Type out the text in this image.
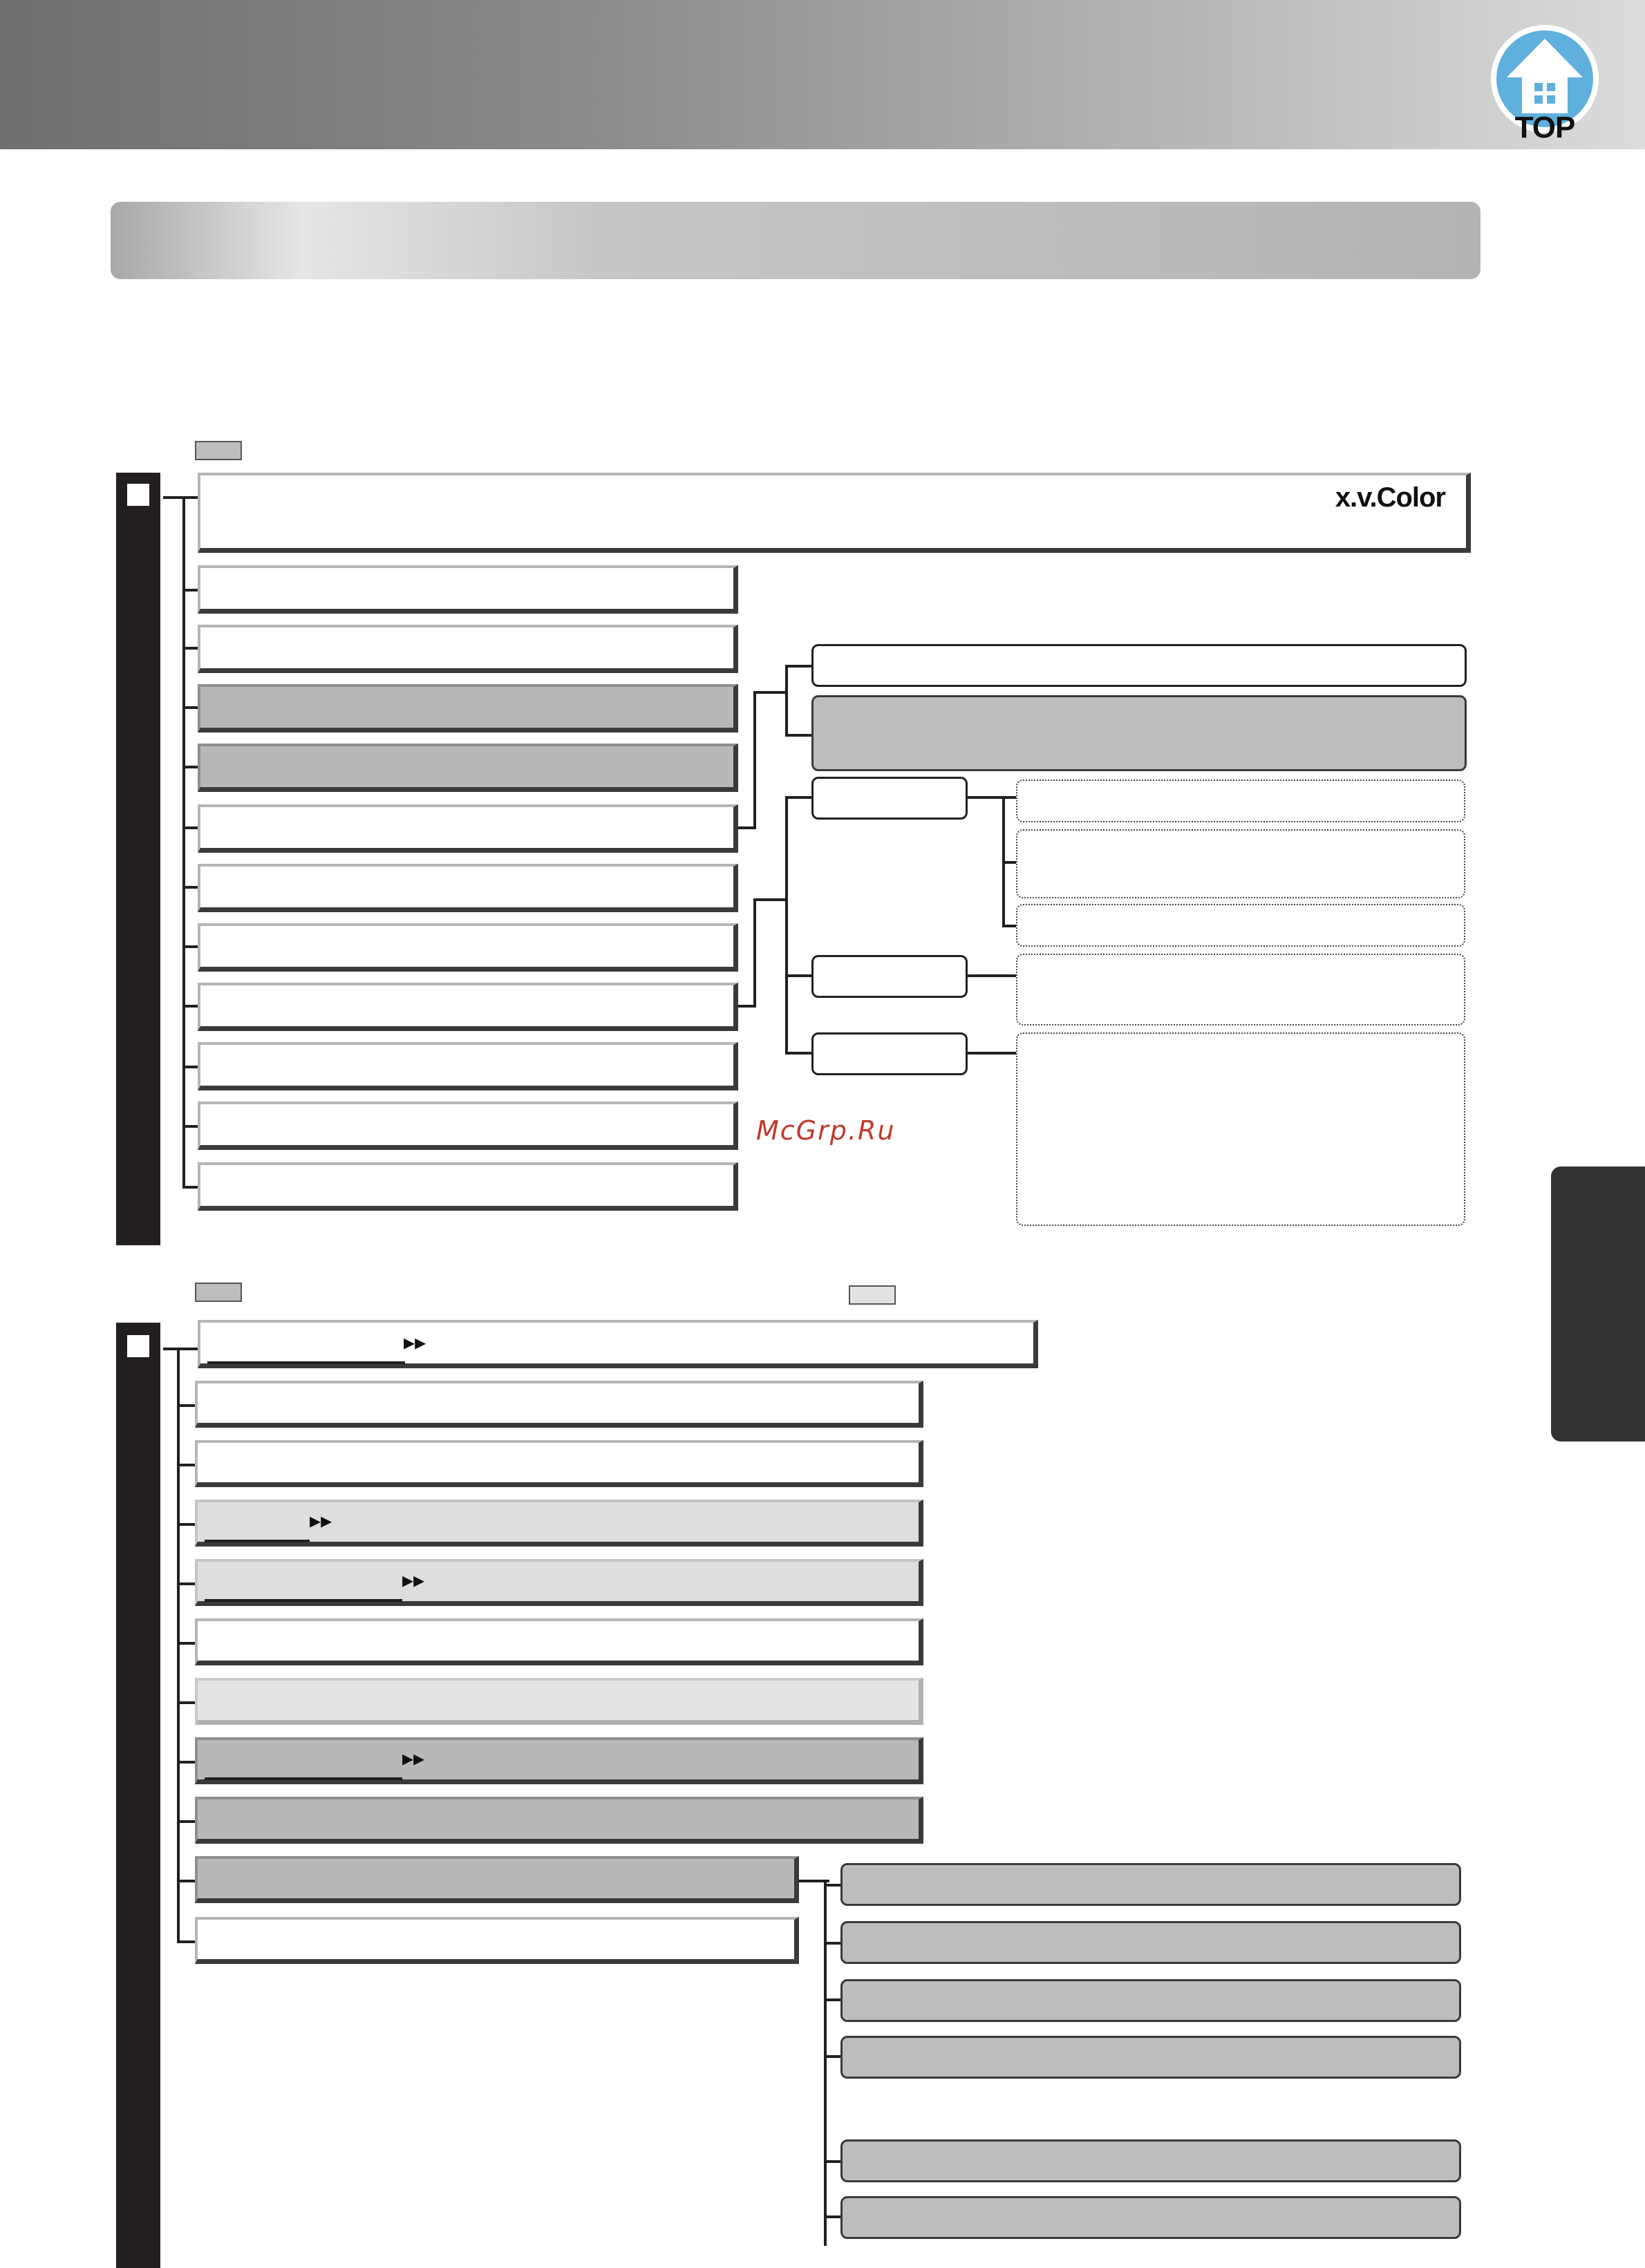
TOP
x.v.Color
McGrp.Ru
▸▸
▸▸
▸▸
▸▸
